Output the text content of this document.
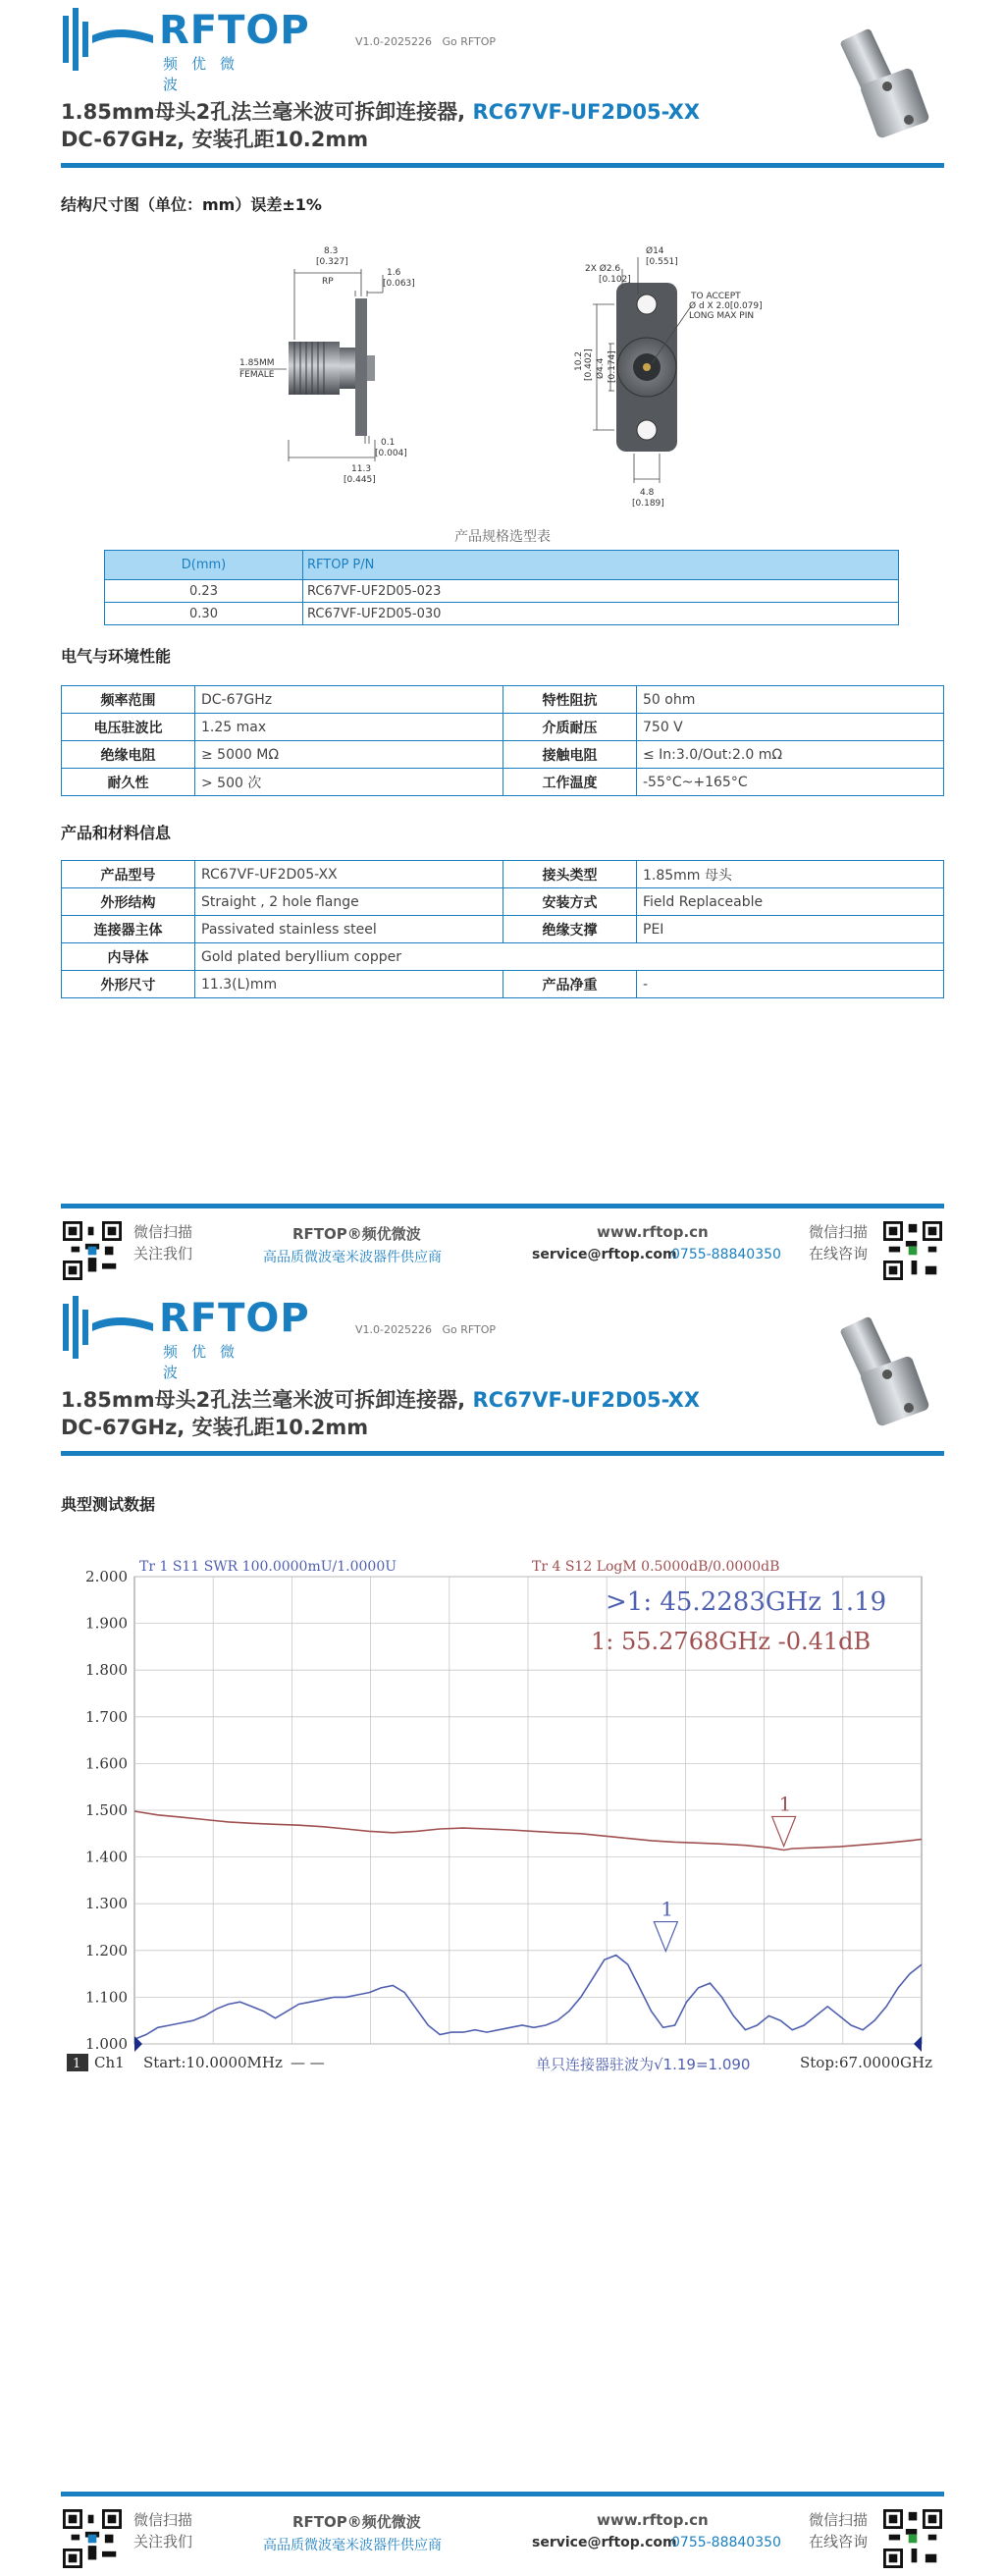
RFTOP
频优微波
V1.0-2025226 Go RFTOP
1.85mm母头2孔法兰毫米波可拆卸连接器, RC67VF-UF2D05-XX
DC-67GHz, 安装孔距10.2mm
结构尺寸图（单位：mm）误差±1%
8.3
[0.327]
RP
1.6
[0.063]
1.85MM
FEMALE
0.1
[0.004]
11.3
[0.445]
Ø14
[0.551]
2X Ø2.6
[0.102]
TO ACCEPT
Ø d X 2.0[0.079]
LONG MAX PIN
10.2 [0.402] Ø4.4 [0.174]
4.8
[0.189]
产品规格选型表
D(mm)	RFTOP P/N
0.23	RC67VF-UF2D05-023
0.30	RC67VF-UF2D05-030
电气与环境性能
频率范围	DC-67GHz	特性阻抗	50 ohm
电压驻波比	1.25 max	介质耐压	750 V
绝缘电阻	≥ 5000 MΩ	接触电阻	≤ In:3.0/Out:2.0 mΩ
耐久性	> 500 次	工作温度	-55°C~+165°C
产品和材料信息
产品型号	RC67VF-UF2D05-XX	接头类型	1.85mm 母头
外形结构	Straight , 2 hole flange	安装方式	Field Replaceable
连接器主体	Passivated stainless steel	绝缘支撑	PEI
内导体	Gold plated beryllium copper		
外形尺寸	11.3(L)mm	产品净重	-
微信扫描
关注我们
RFTOP®频优微波
高品质微波毫米波器件供应商
www.rftop.cn
service@rftop.com
0755-88840350
微信扫描
在线咨询
RFTOP
频优微波
V1.0-2025226 Go RFTOP
1.85mm母头2孔法兰毫米波可拆卸连接器, RC67VF-UF2D05-XX
DC-67GHz, 安装孔距10.2mm
典型测试数据
2.000
1.900
1.800
1.700
1.600
1.500
1.400
1.300
1.200
1.100
1.000
Tr 1 S11 SWR 100.0000mU/1.0000U	Tr 4 S12 LogM 0.5000dB/0.0000dB
>1: 45.2283GHz 1.19
1: 55.2768GHz -0.41dB
1
1
1 Ch1 Start:10.0000MHz — —	Stop:67.0000GHz
单只连接器驻波为√1.19=1.090
微信扫描
关注我们
RFTOP®频优微波
高品质微波毫米波器件供应商
www.rftop.cn
service@rftop.com
0755-88840350
微信扫描
在线咨询
